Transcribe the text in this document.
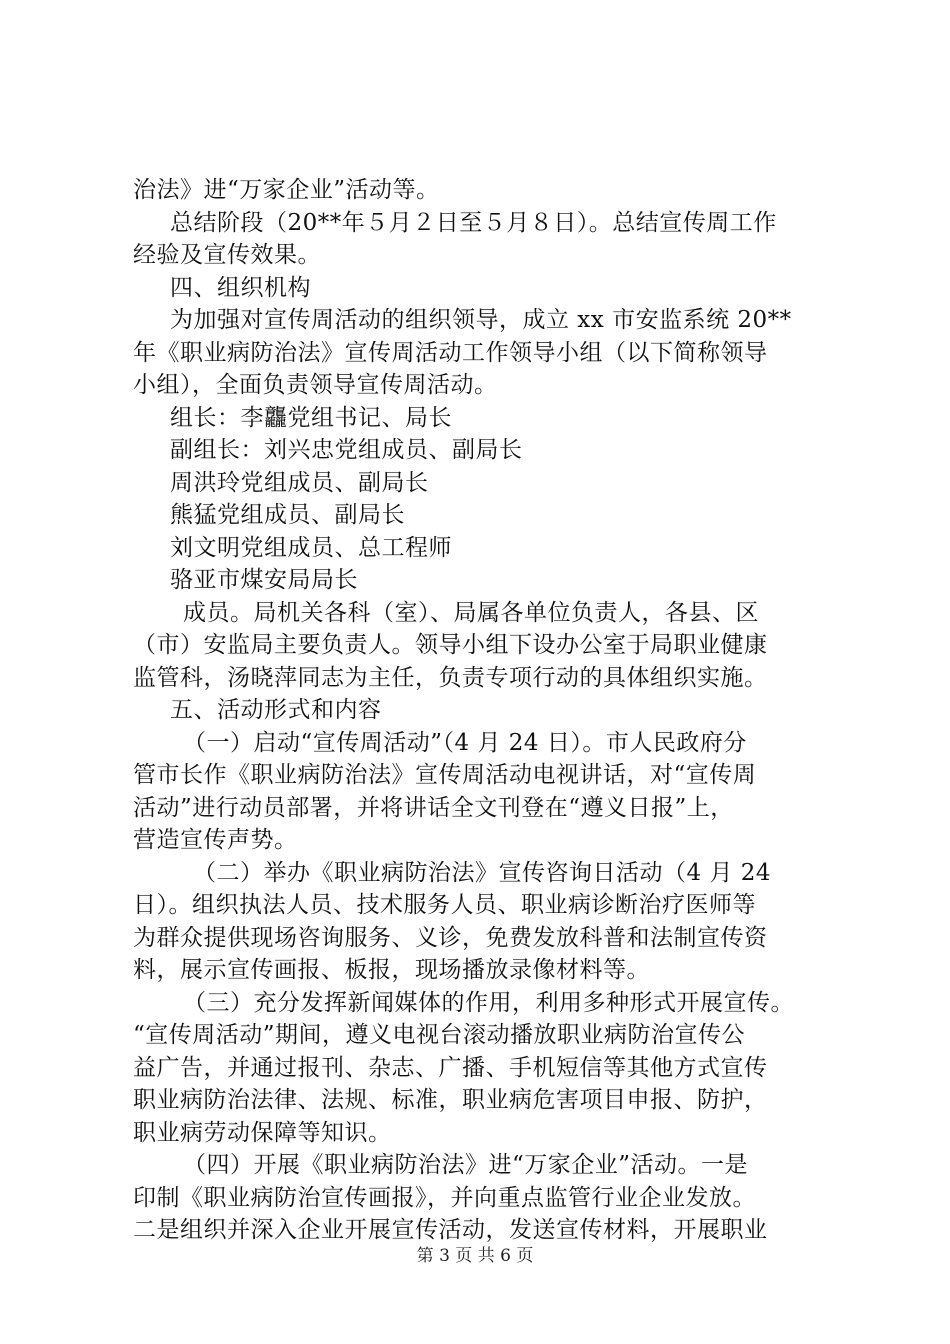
治法》进“万家企业”活动等。

总结阶段（20**年５月２日至５月８日）。总结宣传周工作

经验及宣传效果。

四、组织机构

为加强对宣传周活动的组织领导，成立 xx 市安监系统 20**

年《职业病防治法》宣传周活动工作领导小组（以下简称领导

小组），全面负责领导宣传周活动。

组长：李龘党组书记、局长

副组长：刘兴忠党组成员、副局长

周洪玲党组成员、副局长

熊猛党组成员、副局长

刘文明党组成员、总工程师

骆亚市煤安局局长

成员。局机关各科（室）、局属各单位负责人，各县、区

（市）安监局主要负责人。领导小组下设办公室于局职业健康

监管科，汤晓萍同志为主任，负责专项行动的具体组织实施。

五、活动形式和内容

（一）启动“宣传周活动”（4 月 24 日）。市人民政府分

管市长作《职业病防治法》宣传周活动电视讲话，对“宣传周

活动”进行动员部署，并将讲话全文刊登在“遵义日报”上，

营造宣传声势。

（二）举办《职业病防治法》宣传咨询日活动（4 月 24

日）。组织执法人员、技术服务人员、职业病诊断治疗医师等

为群众提供现场咨询服务、义诊，免费发放科普和法制宣传资

料，展示宣传画报、板报，现场播放录像材料等。

（三）充分发挥新闻媒体的作用，利用多种形式开展宣传。

“宣传周活动”期间，遵义电视台滚动播放职业病防治宣传公

益广告，并通过报刊、杂志、广播、手机短信等其他方式宣传

职业病防治法律、法规、标准，职业病危害项目申报、防护，

职业病劳动保障等知识。

（四）开展《职业病防治法》进“万家企业”活动。一是

印制《职业病防治宣传画报》，并向重点监管行业企业发放。

二是组织并深入企业开展宣传活动，发送宣传材料，开展职业

第 3 页 共 6 页
